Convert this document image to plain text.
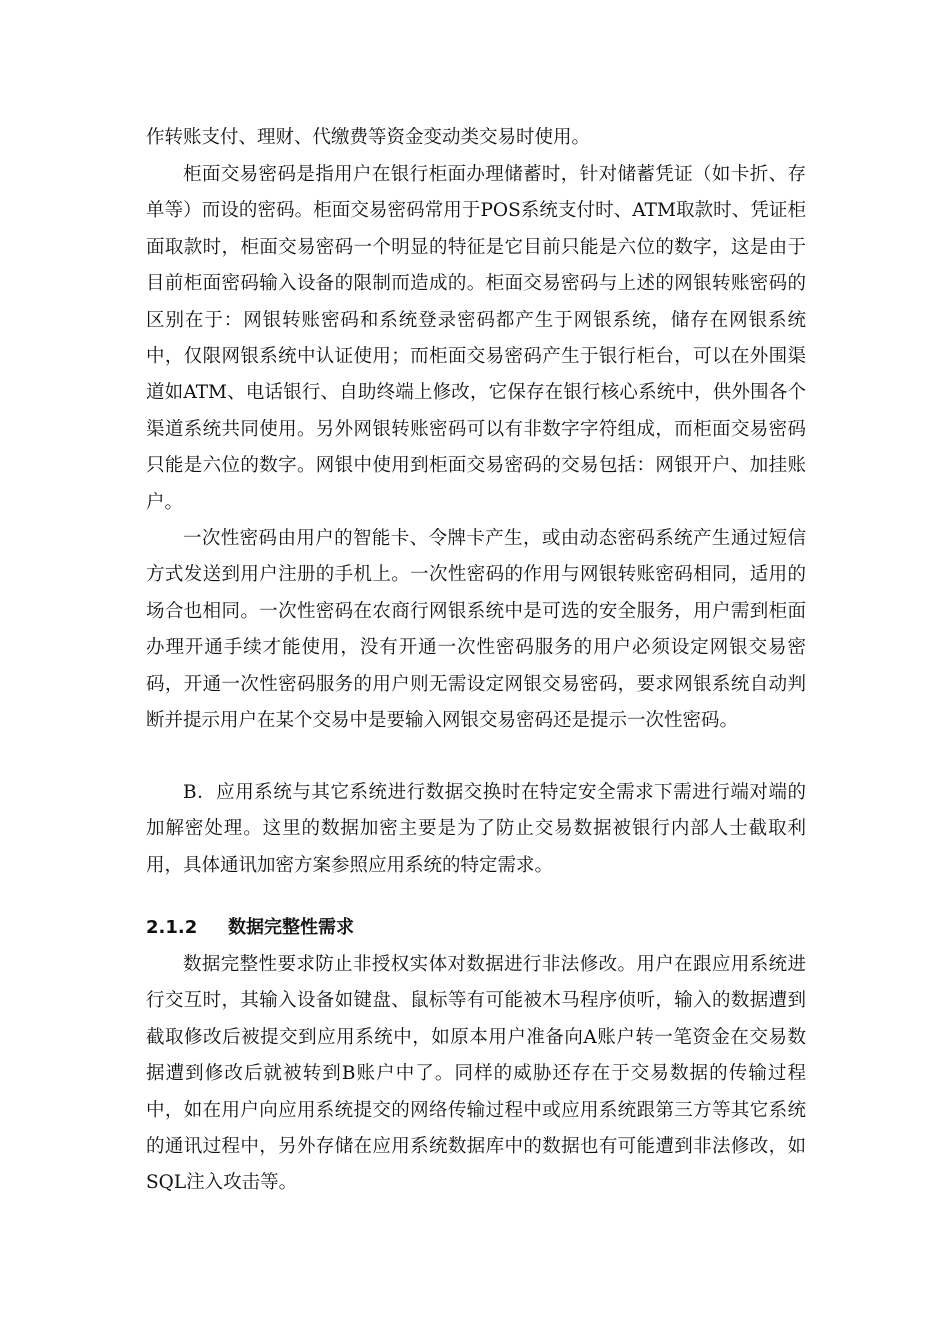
作转账支付、理财、代缴费等资金变动类交易时使用。

柜面交易密码是指用户在银行柜面办理储蓄时，针对储蓄凭证（如卡折、存单等）而设的密码。柜面交易密码常用于POS系统支付时、ATM取款时、凭证柜面取款时，柜面交易密码一个明显的特征是它目前只能是六位的数字，这是由于目前柜面密码输入设备的限制而造成的。柜面交易密码与上述的网银转账密码的区别在于：网银转账密码和系统登录密码都产生于网银系统，储存在网银系统中，仅限网银系统中认证使用；而柜面交易密码产生于银行柜台，可以在外围渠道如ATM、电话银行、自助终端上修改，它保存在银行核心系统中，供外围各个渠道系统共同使用。另外网银转账密码可以有非数字字符组成，而柜面交易密码只能是六位的数字。网银中使用到柜面交易密码的交易包括：网银开户、加挂账户。

一次性密码由用户的智能卡、令牌卡产生，或由动态密码系统产生通过短信方式发送到用户注册的手机上。一次性密码的作用与网银转账密码相同，适用的场合也相同。一次性密码在农商行网银系统中是可选的安全服务，用户需到柜面办理开通手续才能使用，没有开通一次性密码服务的用户必须设定网银交易密码，开通一次性密码服务的用户则无需设定网银交易密码，要求网银系统自动判断并提示用户在某个交易中是要输入网银交易密码还是提示一次性密码。

B．应用系统与其它系统进行数据交换时在特定安全需求下需进行端对端的加解密处理。这里的数据加密主要是为了防止交易数据被银行内部人士截取利用，具体通讯加密方案参照应用系统的特定需求。

2.1.2 数据完整性需求

数据完整性要求防止非授权实体对数据进行非法修改。用户在跟应用系统进行交互时，其输入设备如键盘、鼠标等有可能被木马程序侦听，输入的数据遭到截取修改后被提交到应用系统中，如原本用户准备向A账户转一笔资金在交易数据遭到修改后就被转到B账户中了。同样的威胁还存在于交易数据的传输过程中，如在用户向应用系统提交的网络传输过程中或应用系统跟第三方等其它系统的通讯过程中，另外存储在应用系统数据库中的数据也有可能遭到非法修改，如SQL注入攻击等。
